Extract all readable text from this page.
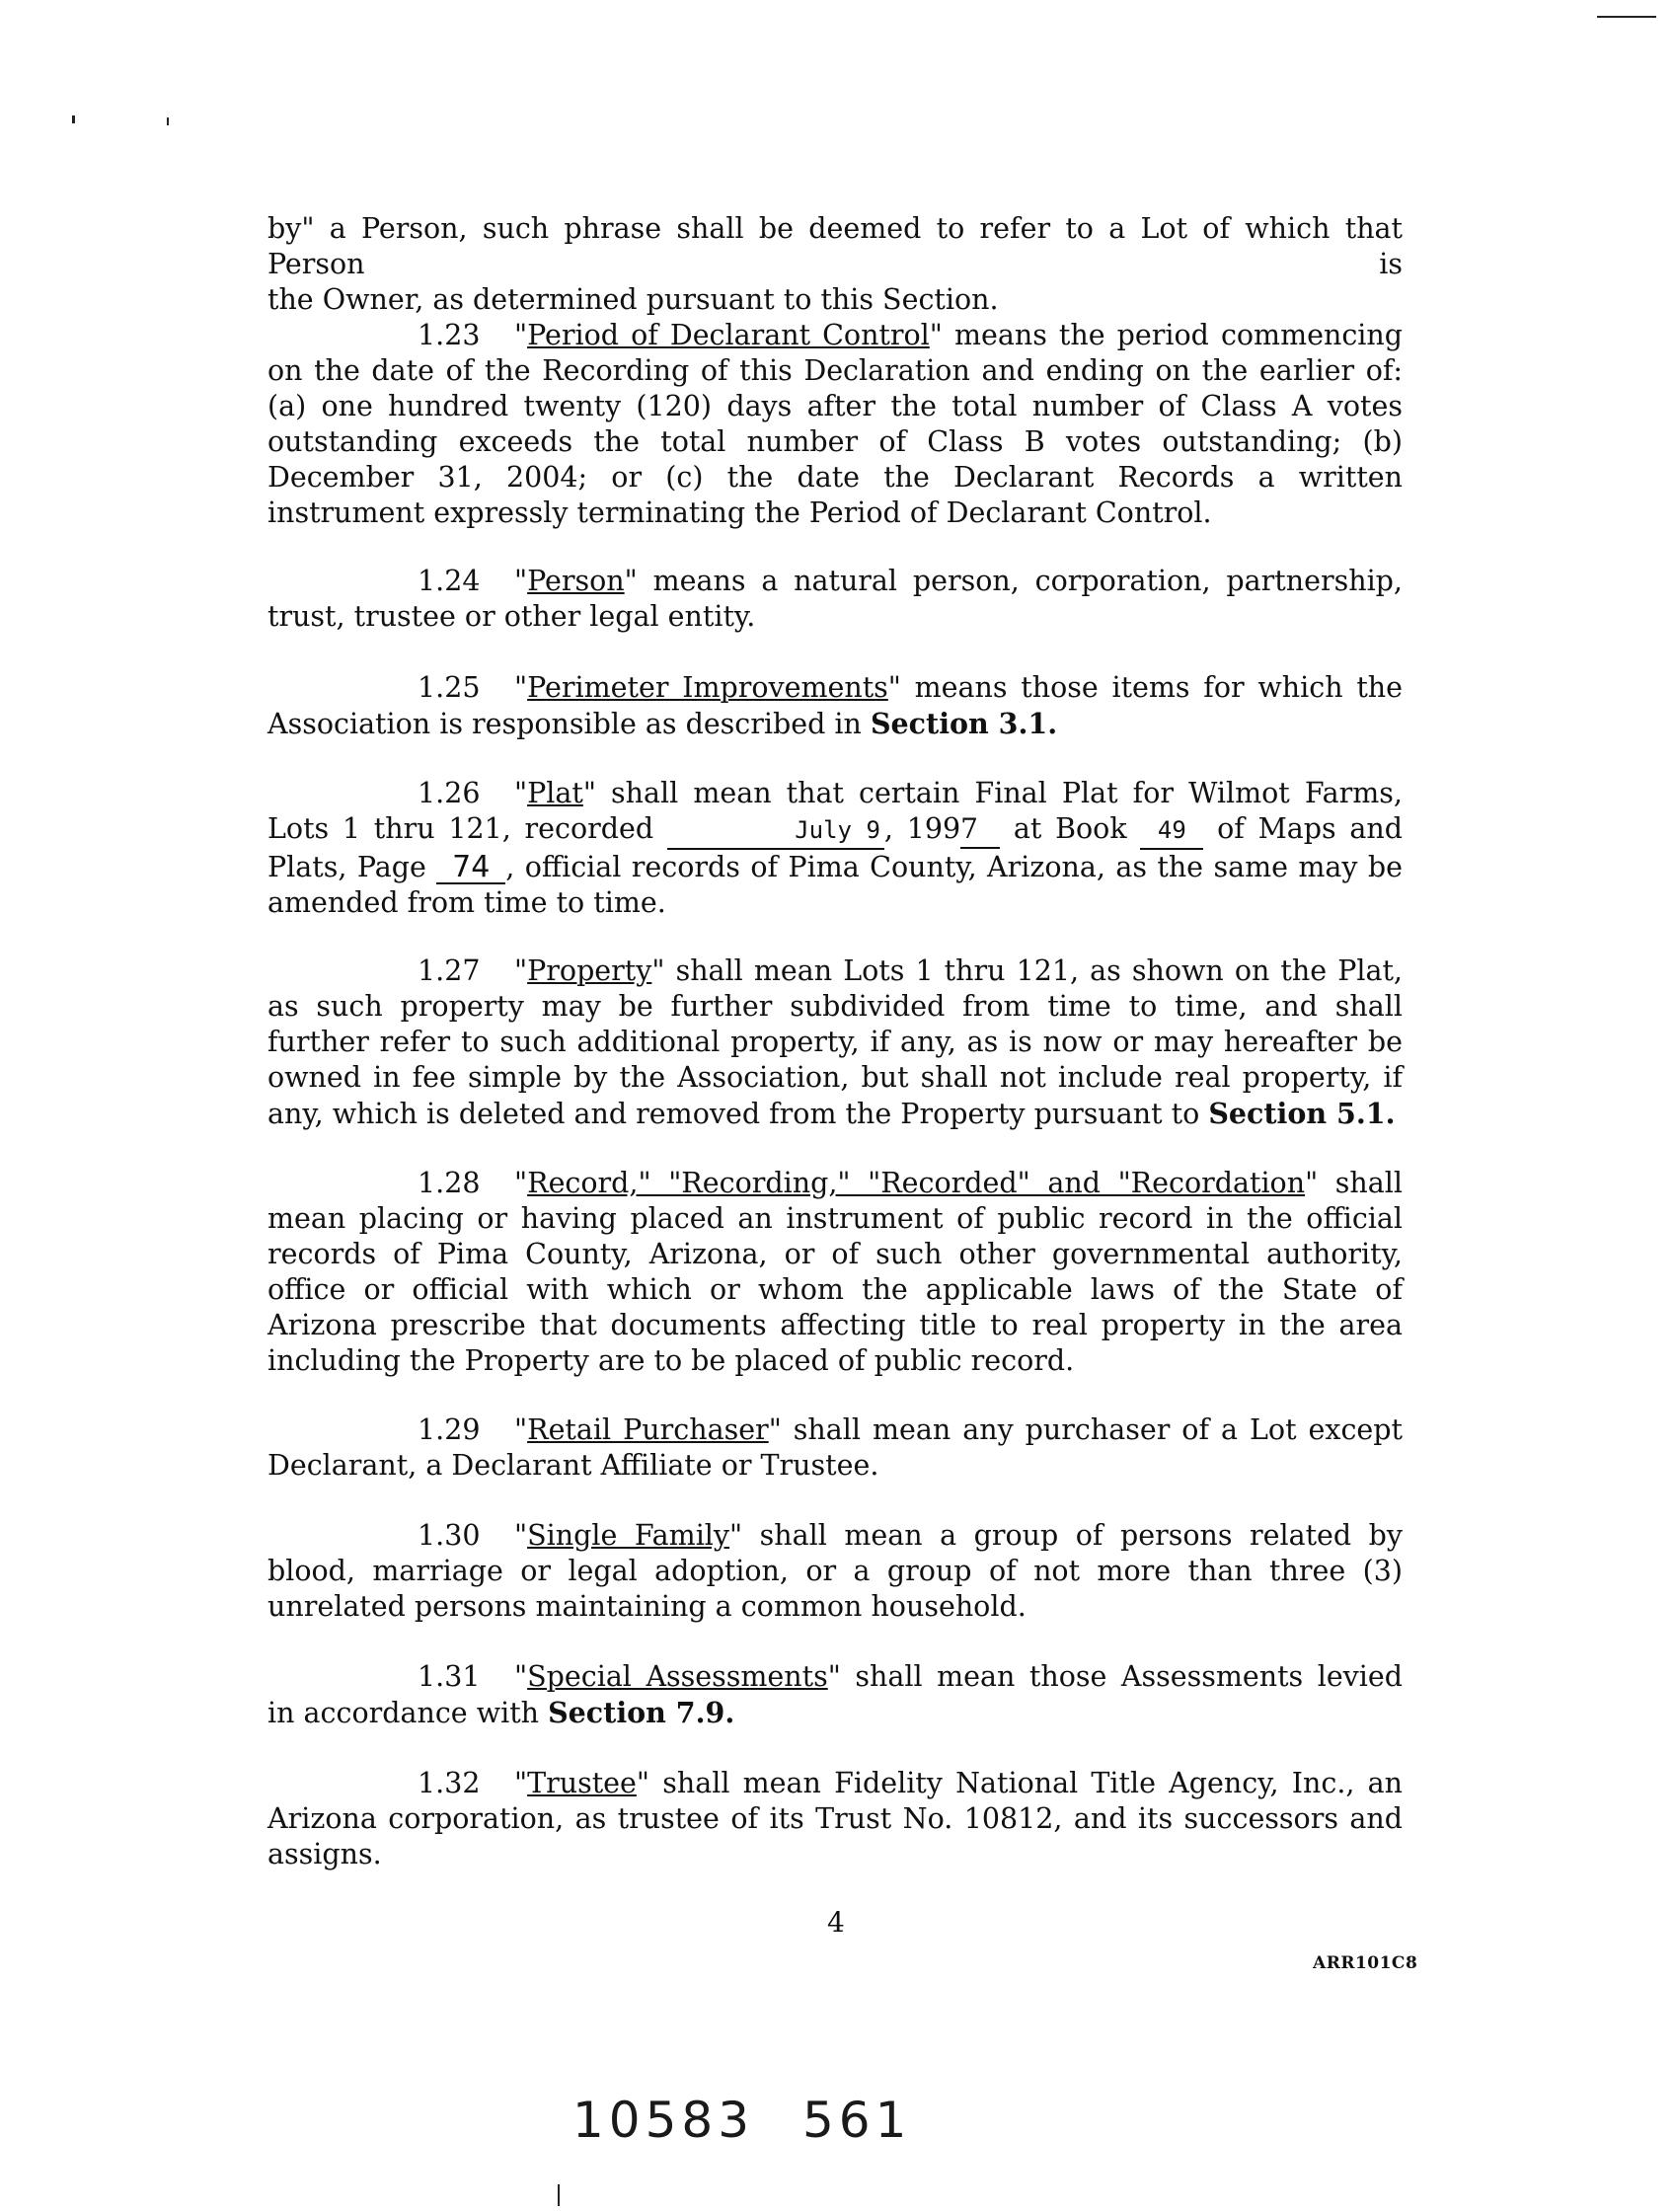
by" a Person, such phrase shall be deemed to refer to a Lot of which that Person is
the Owner, as determined pursuant to this Section.

1.23 "Period of Declarant Control" means the period commencing on the date of the Recording of this Declaration and ending on the earlier of: (a) one hundred twenty (120) days after the total number of Class A votes outstanding exceeds the total number of Class B votes outstanding; (b) December 31, 2004; or (c) the date the Declarant Records a written instrument expressly terminating the Period of Declarant Control.

1.24 "Person" means a natural person, corporation, partnership, trust, trustee or other legal entity.

1.25 "Perimeter Improvements" means those items for which the Association is responsible as described in Section 3.1.

1.26 "Plat" shall mean that certain Final Plat for Wilmot Farms, Lots 1 thru 121, recorded	July 9 , 1997 at Book 49 of Maps and Plats, Page 74 , official records of Pima County, Arizona, as the same may be amended from time to time.

1.27 "Property" shall mean Lots 1 thru 121, as shown on the Plat, as such property may be further subdivided from time to time, and shall further refer to such additional property, if any, as is now or may hereafter be owned in fee simple by the Association, but shall not include real property, if any, which is deleted and removed from the Property pursuant to Section 5.1.

1.28 "Record," "Recording," "Recorded" and "Recordation" shall mean placing or having placed an instrument of public record in the official records of Pima County, Arizona, or of such other governmental authority, office or official with which or whom the applicable laws of the State of Arizona prescribe that documents affecting title to real property in the area including the Property are to be placed of public record.

1.29 "Retail Purchaser" shall mean any purchaser of a Lot except Declarant, a Declarant Affiliate or Trustee.

1.30 "Single Family" shall mean a group of persons related by blood, marriage or legal adoption, or a group of not more than three (3) unrelated persons maintaining a common household.

1.31 "Special Assessments" shall mean those Assessments levied in accordance with Section 7.9.

1.32 "Trustee" shall mean Fidelity National Title Agency, Inc., an Arizona corporation, as trustee of its Trust No. 10812, and its successors and assigns.

4
ARR101C8
10583 561
